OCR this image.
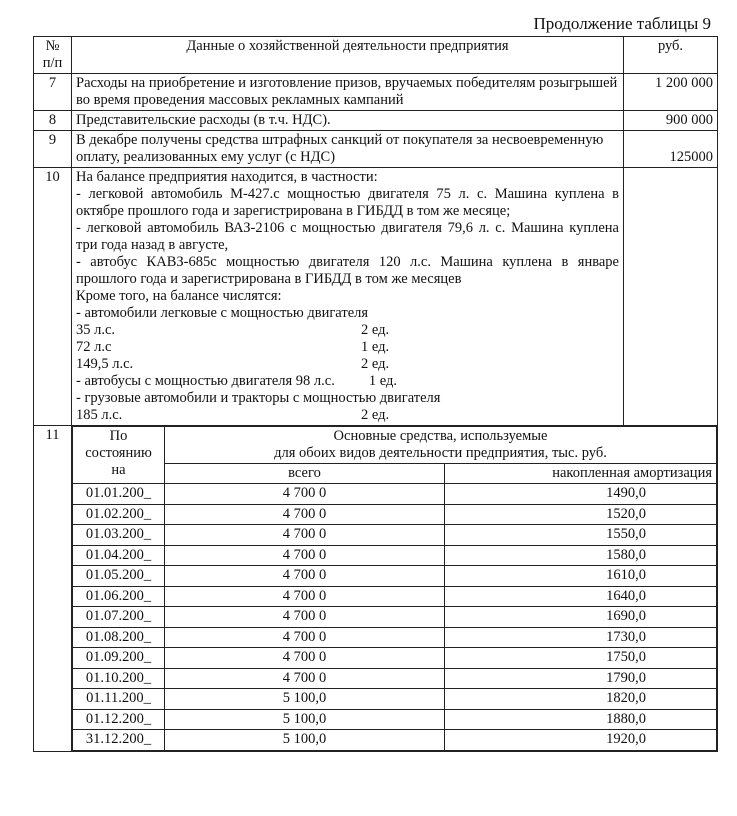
Продолжение таблицы 9
№ п/п	Данные о хозяйственной деятельности предприятия	руб.
7	Расходы на приобретение и изготовление призов, вручаемых победителям розыгрышей во время проведения массовых рекламных кампаний	1 200 000
8	Представительские расходы (в т.ч. НДС).	900 000
9	В декабре получены средства штрафных санкций от покупателя за несвоевременную оплату, реализованных ему услуг (с НДС)	125000
10	На балансе предприятия находится, в частности:

- легковой автомобиль М-427.с мощностью двигателя 75 л. с. Машина куплена в октябре прошлого года и зарегистрирована в ГИБДД в том же месяце;

- легковой автомобиль ВАЗ-2106 с мощностью двигателя 79,6 л. с. Машина куплена три года назад в августе,

- автобус КАВЗ-685с мощностью двигателя 120 л.с. Машина куплена в январе прошлого года и зарегистрирована в ГИБДД в том же месяцев

Кроме того, на балансе числятся:

- автомобили легковые с мощностью двигателя

35 л.с.	2 ед.
72 л.с	1 ед.
149,5 л.с.	2 ед.
- автобусы с мощностью двигателя 98 л.с. 1 ед.

- грузовые автомобили и тракторы с мощностью двигателя

185 л.с.	2 ед.

11		По состоянию на	
Основные средства, используемые
для обоих видов деятельности предприятия, тыс. руб.

всего	накопленная амортизация
01.01.200_	4 700 0	1490,0
01.02.200_	4 700 0	1520,0
01.03.200_	4 700 0	1550,0
01.04.200_	4 700 0	1580,0
01.05.200_	4 700 0	1610,0
01.06.200_	4 700 0	1640,0
01.07.200_	4 700 0	1690,0
01.08.200_	4 700 0	1730,0
01.09.200_	4 700 0	1750,0
01.10.200_	4 700 0	1790,0
01.11.200_	5 100,0	1820,0
01.12.200_	5 100,0	1880,0
31.12.200_	5 100,0	1920,0
